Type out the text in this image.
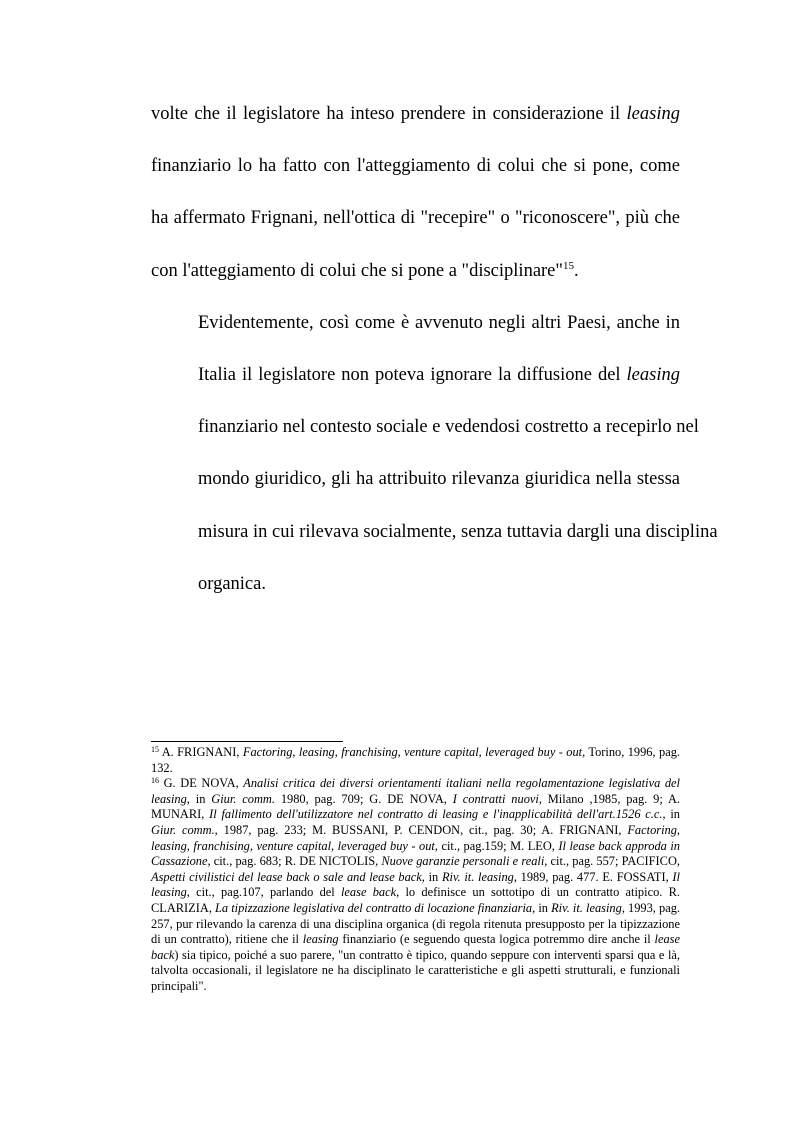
volte che il legislatore ha inteso prendere in considerazione il leasing
finanziario lo ha fatto con l'atteggiamento di colui che si pone, come
ha affermato Frignani, nell'ottica di "recepire" o "riconoscere", più che
con l'atteggiamento di colui che si pone a "disciplinare"$^{15}$.

Evidentemente, così come è avvenuto negli altri Paesi, anche in
Italia il legislatore non poteva ignorare la diffusione del leasing
finanziario nel contesto sociale e vedendosi costretto a recepirlo nel
mondo giuridico, gli ha attribuito rilevanza giuridica nella stessa
misura in cui rilevava socialmente, senza tuttavia dargli una disciplina
organica.

$^{15}$ A. FRIGNANI, Factoring, leasing, franchising, venture capital, leveraged buy - out, Torino, 1996, pag. 132.

$^{16}$ G. DE NOVA, Analisi critica dei diversi orientamenti italiani nella regolamentazione legislativa del leasing, in Giur. comm. 1980, pag. 709; G. DE NOVA, I contratti nuovi, Milano ,1985, pag. 9; A. MUNARI, Il fallimento dell'utilizzatore nel contratto di leasing e l'inapplicabilità dell'art.1526 c.c., in Giur. comm., 1987, pag. 233; M. BUSSANI, P. CENDON, cit., pag. 30; A. FRIGNANI, Factoring, leasing, franchising, venture capital, leveraged buy - out, cit., pag.159; M. LEO, Il lease back approda in Cassazione, cit., pag. 683; R. DE NICTOLIS, Nuove garanzie personali e reali, cit., pag. 557; PACIFICO, Aspetti civilistici del lease back o sale and lease back, in Riv. it. leasing, 1989, pag. 477. E. FOSSATI, Il leasing, cit., pag.107, parlando del lease back, lo definisce un sottotipo di un contratto atipico. R. CLARIZIA, La tipizzazione legislativa del contratto di locazione finanziaria, in Riv. it. leasing, 1993, pag. 257, pur rilevando la carenza di una disciplina organica (di regola ritenuta presupposto per la tipizzazione di un contratto), ritiene che il leasing finanziario (e seguendo questa logica potremmo dire anche il lease back) sia tipico, poiché a suo parere, "un contratto è tipico, quando seppure con interventi sparsi qua e là, talvolta occasionali, il legislatore ne ha disciplinato le caratteristiche e gli aspetti strutturali, e funzionali principali".
